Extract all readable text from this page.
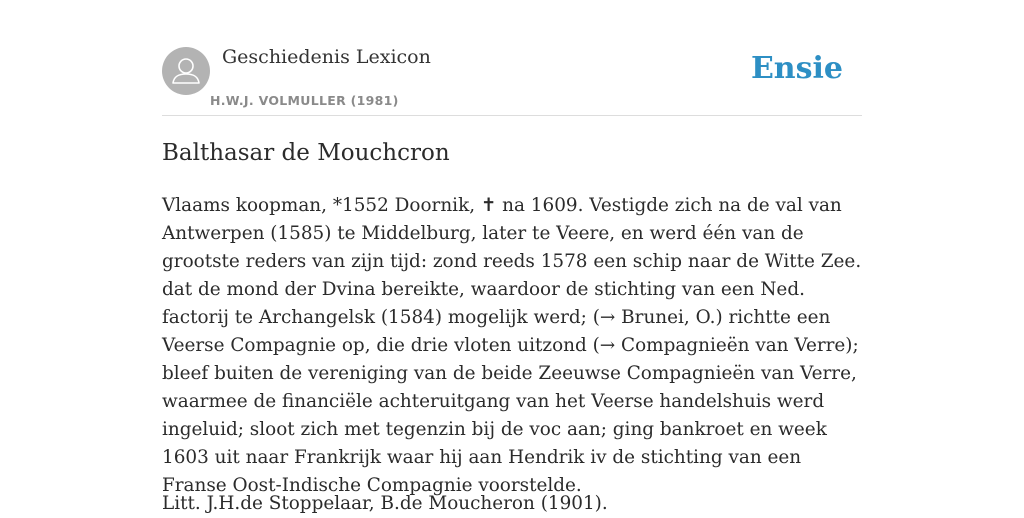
Geschiedenis Lexicon
H.W.J. VOLMULLER (1981)
Ensie
Balthasar de Mouchcron

Vlaams koopman, *1552 Doornik, ✝ na 1609. Vestigde zich na de val van Antwerpen (1585) te Middelburg, later te Veere, en werd één van de grootste reders van zijn tijd: zond reeds 1578 een schip naar de Witte Zee. dat de mond der Dvina bereikte, waardoor de stichting van een Ned. factorij te Archangelsk (1584) mogelijk werd; (→ Brunei, O.) richtte een Veerse Compagnie op, die drie vloten uitzond (→ Compagnieën van Verre); bleef buiten de vereniging van de beide Zeeuwse Compagnieën van Verre, waarmee de financiële achteruitgang van het Veerse handelshuis werd ingeluid; sloot zich met tegenzin bij de voc aan; ging bankroet en week 1603 uit naar Frankrijk waar hij aan Hendrik iv de stichting van een Franse Oost-Indische Compagnie voorstelde.

Litt. J.H.de Stoppelaar, B.de Moucheron (1901).
